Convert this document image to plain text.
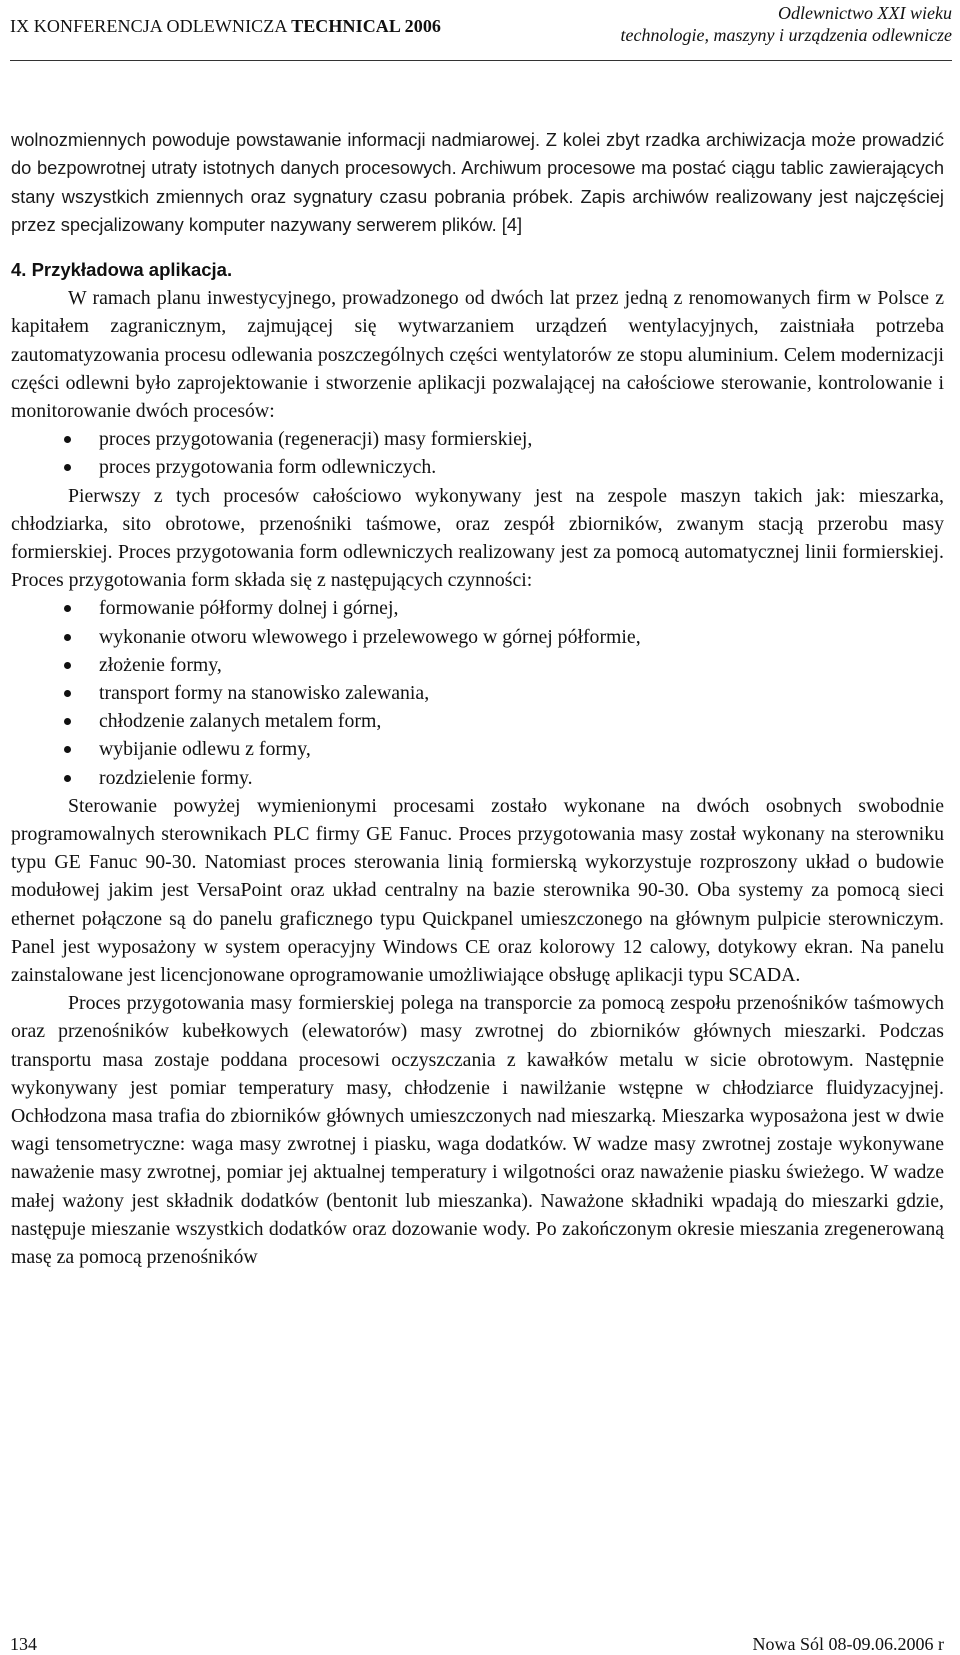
IX KONFERENCJA ODLEWNICZA TECHNICAL 2006
Odlewnictwo XXI wieku
technologie, maszyny i urządzenia odlewnicze

wolnozmiennych powoduje powstawanie informacji nadmiarowej. Z kolei zbyt rzadka archiwizacja może prowadzić do bezpowrotnej utraty istotnych danych procesowych. Archiwum procesowe ma postać ciągu tablic zawierających stany wszystkich zmiennych oraz sygnatury czasu pobrania próbek. Zapis archiwów realizowany jest najczęściej przez specjalizowany komputer nazywany serwerem plików. [4]

4. Przykładowa aplikacja.

W ramach planu inwestycyjnego, prowadzonego od dwóch lat przez jedną z renomowanych firm w Polsce z kapitałem zagranicznym, zajmującej się wytwarzaniem urządzeń wentylacyjnych, zaistniała potrzeba zautomatyzowania procesu odlewania poszczególnych części wentylatorów ze stopu aluminium. Celem modernizacji części odlewni było zaprojektowanie i stworzenie aplikacji pozwalającej na całościowe sterowanie, kontrolowanie i monitorowanie dwóch procesów:

proces przygotowania (regeneracji) masy formierskiej,
proces przygotowania form odlewniczych.

Pierwszy z tych procesów całościowo wykonywany jest na zespole maszyn takich jak: mieszarka, chłodziarka, sito obrotowe, przenośniki taśmowe, oraz zespół zbiorników, zwanym stacją przerobu masy formierskiej. Proces przygotowania form odlewniczych realizowany jest za pomocą automatycznej linii formierskiej. Proces przygotowania form składa się z następujących czynności:

formowanie półformy dolnej i górnej,
wykonanie otworu wlewowego i przelewowego w górnej półformie,
złożenie formy,
transport formy na stanowisko zalewania,
chłodzenie zalanych metalem form,
wybijanie odlewu z formy,
rozdzielenie formy.

Sterowanie powyżej wymienionymi procesami zostało wykonane na dwóch osobnych swobodnie programowalnych sterownikach PLC firmy GE Fanuc. Proces przygotowania masy został wykonany na sterowniku typu GE Fanuc 90-30. Natomiast proces sterowania linią formierską wykorzystuje rozproszony układ o budowie modułowej jakim jest VersaPoint oraz układ centralny na bazie sterownika 90-30. Oba systemy za pomocą sieci ethernet połączone są do panelu graficznego typu Quickpanel umieszczonego na głównym pulpicie sterowniczym. Panel jest wyposażony w system operacyjny Windows CE oraz kolorowy 12 calowy, dotykowy ekran. Na panelu zainstalowane jest licencjonowane oprogramowanie umożliwiające obsługę aplikacji typu SCADA.

Proces przygotowania masy formierskiej polega na transporcie za pomocą zespołu przenośników taśmowych oraz przenośników kubełkowych (elewatorów) masy zwrotnej do zbiorników głównych mieszarki. Podczas transportu masa zostaje poddana procesowi oczyszczania z kawałków metalu w sicie obrotowym. Następnie wykonywany jest pomiar temperatury masy, chłodzenie i nawilżanie wstępne w chłodziarce fluidyzacyjnej. Ochłodzona masa trafia do zbiorników głównych umieszczonych nad mieszarką. Mieszarka wyposażona jest w dwie wagi tensometryczne: waga masy zwrotnej i piasku, waga dodatków. W wadze masy zwrotnej zostaje wykonywane naważenie masy zwrotnej, pomiar jej aktualnej temperatury i wilgotności oraz naważenie piasku świeżego. W wadze małej ważony jest składnik dodatków (bentonit lub mieszanka). Naważone składniki wpadają do mieszarki gdzie, następuje mieszanie wszystkich dodatków oraz dozowanie wody. Po zakończonym okresie mieszania zregenerowaną masę za pomocą przenośników

134	Nowa Sól 08-09.06.2006 r
